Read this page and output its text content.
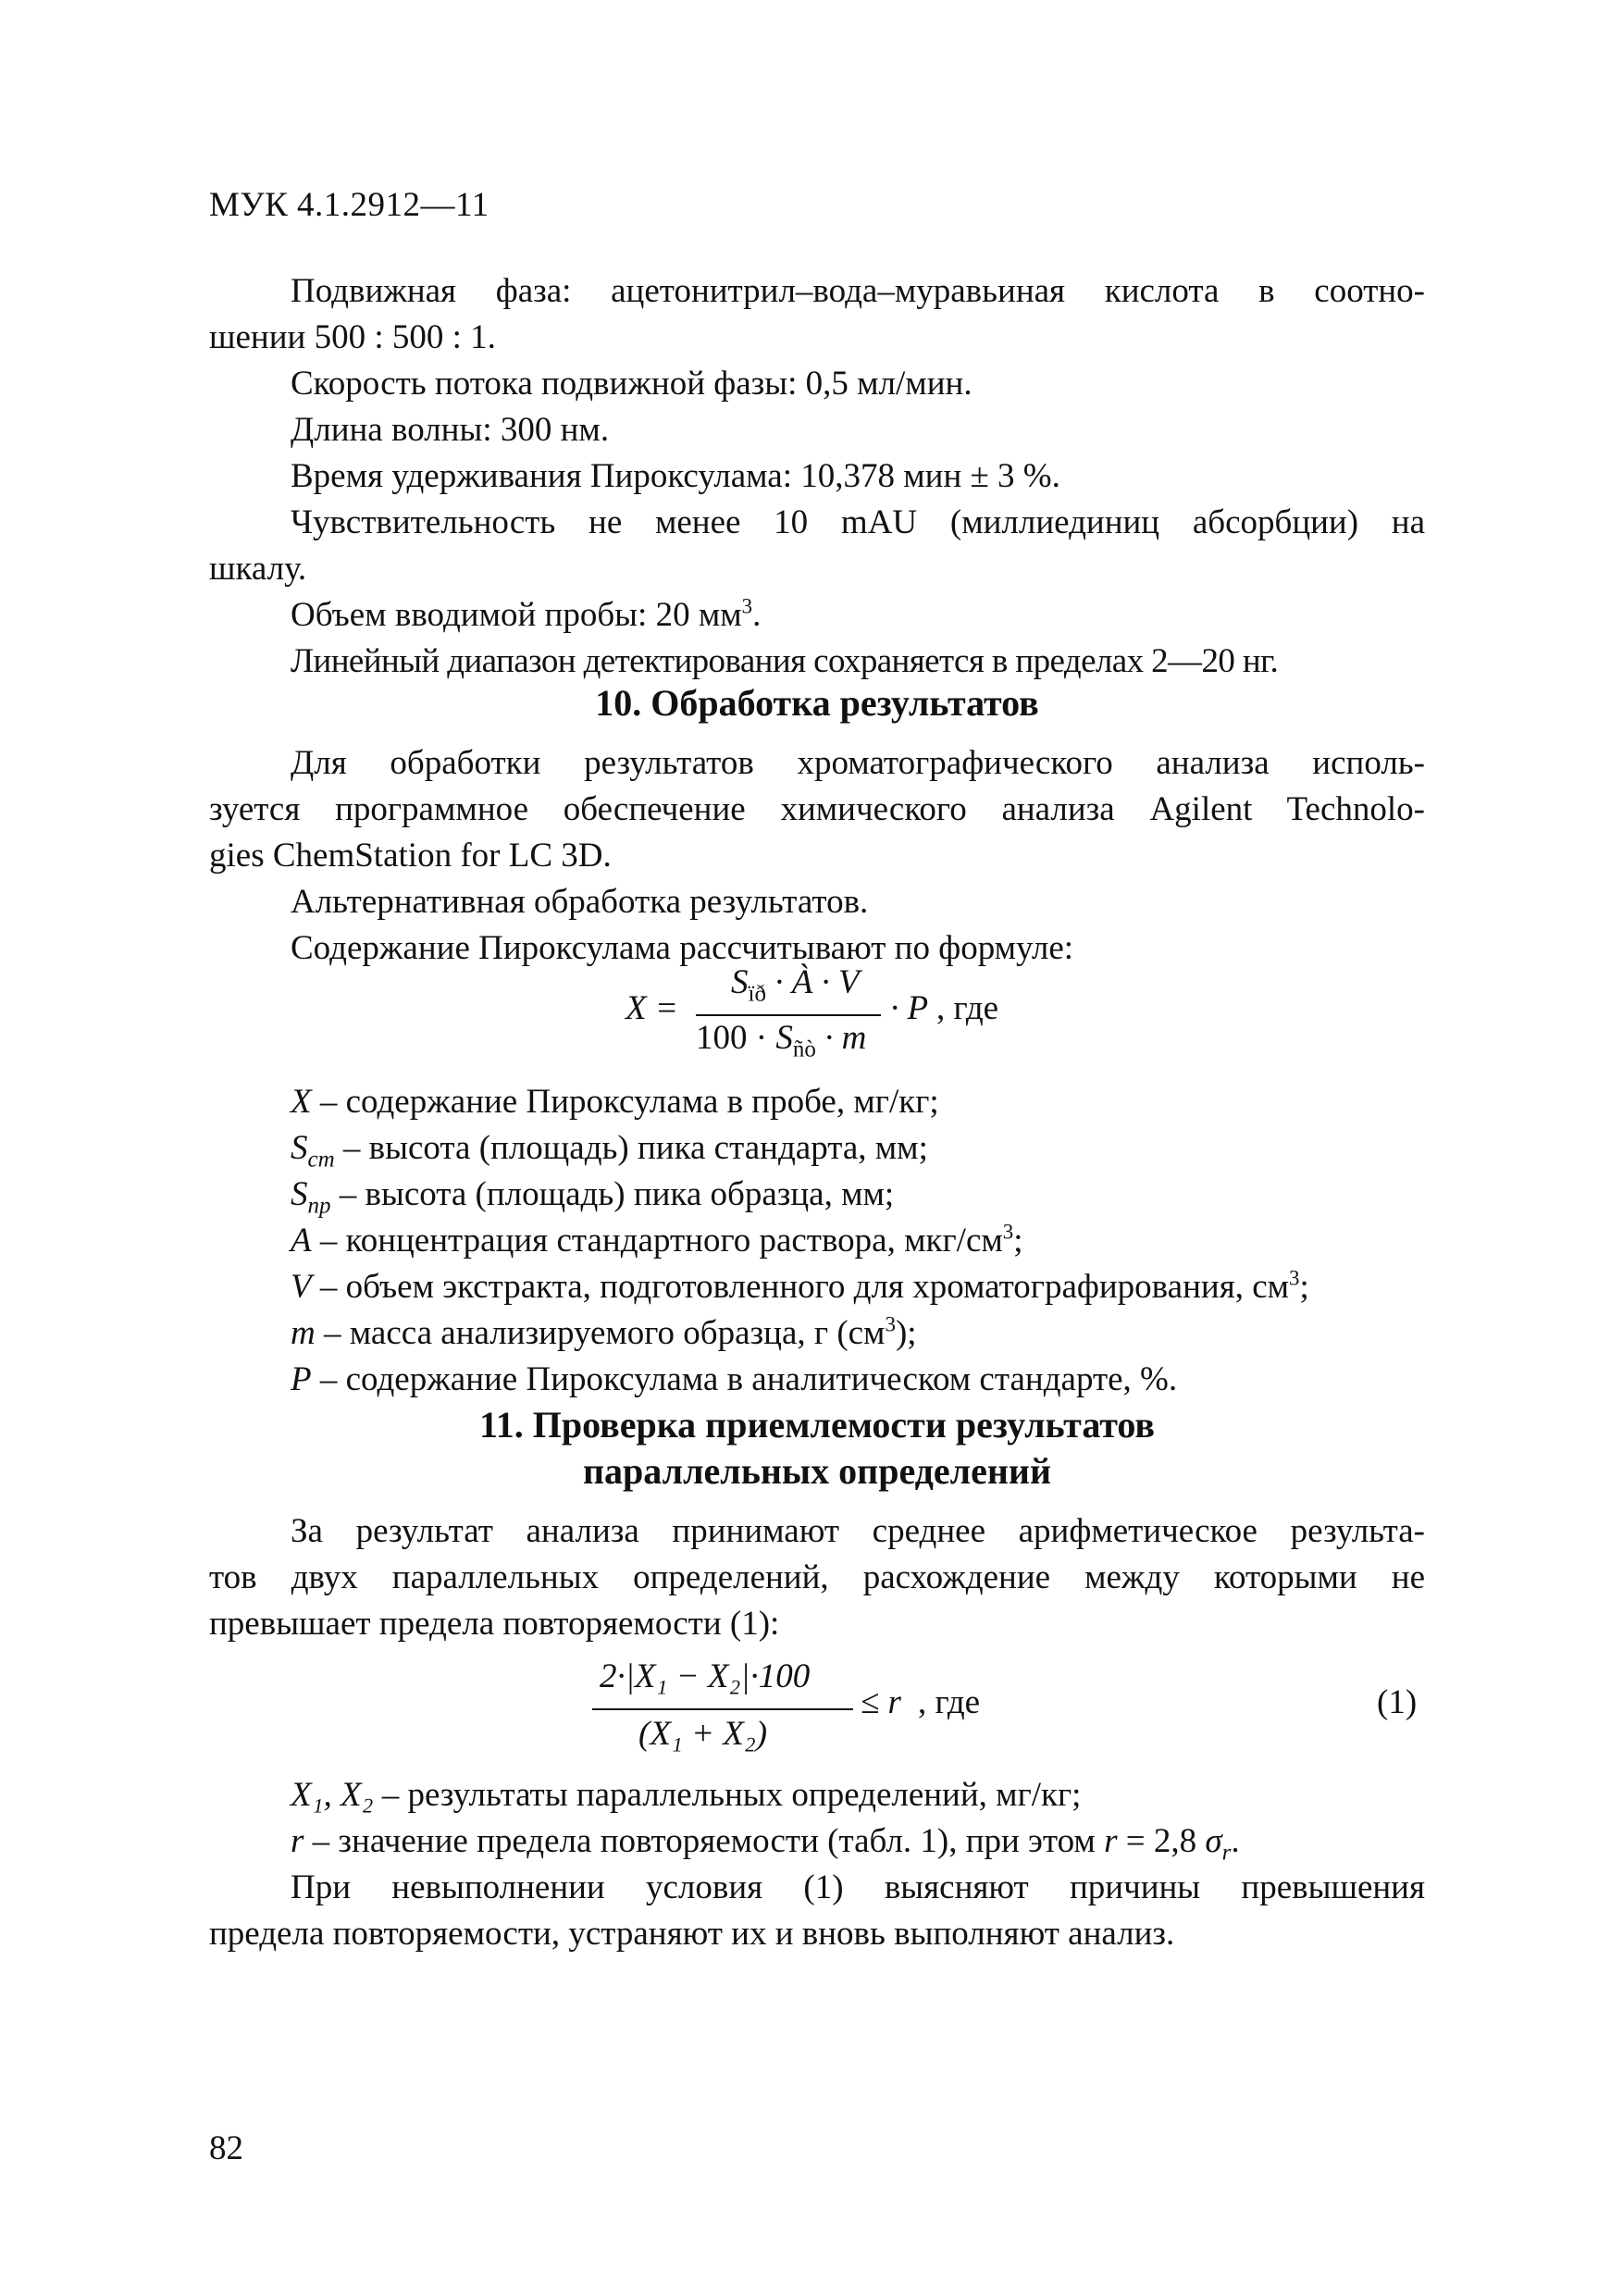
МУК 4.1.2912—11

Подвижная фаза: ацетонитрил–вода–муравьиная кислота в соотно-

шении 500 : 500 : 1.

Скорость потока подвижной фазы: 0,5 мл/мин.

Длина волны: 300 нм.

Время удерживания Пироксулама: 10,378 мин ± 3 %.

Чувствительность не менее 10 mAU (миллиединиц абсорбции) на

шкалу.

Объем вводимой пробы: 20 $мм^3$.

Линейный диапазон детектирования сохраняется в пределах 2—20 нг.

10. Обработка результатов

Для обработки результатов хроматографического анализа исполь-

зуется программное обеспечение химического анализа Agilent Technolo-

gies ChemStation for LC 3D.

Альтернативная обработка результатов.

Содержание Пироксулама рассчитывают по формуле:

X =
$S_{ïð}$ · À · V
$100 \cdot S_{ñò} \cdot m$
· P , где

X – содержание Пироксулама в пробе, мг/кг;

$S_{cm}$ – высота (площадь) пика стандарта, мм;

$S_{np}$ – высота (площадь) пика образца, мм;

A – концентрация стандартного раствора, мкг/$см^3$;

V – объем экстракта, подготовленного для хроматографирования, $см^3$;

m – масса анализируемого образца, г $(см^3)$;

P – содержание Пироксулама в аналитическом стандарте, %.

11. Проверка приемлемости результатов
параллельных определений

За результат анализа принимают среднее арифметическое результа-

тов двух параллельных определений, расхождение между которыми не

превышает предела повторяемости (1):

2·|X₁ − X₂|·100
(X₁ + X₂)
≤ r , где	(1)

X₁, X₂ – результаты параллельных определений, мг/кг;

r – значение предела повторяемости (табл. 1), при этом r = 2,8 $\sigma_r$.

При невыполнении условия (1) выясняют причины превышения

предела повторяемости, устраняют их и вновь выполняют анализ.

82
